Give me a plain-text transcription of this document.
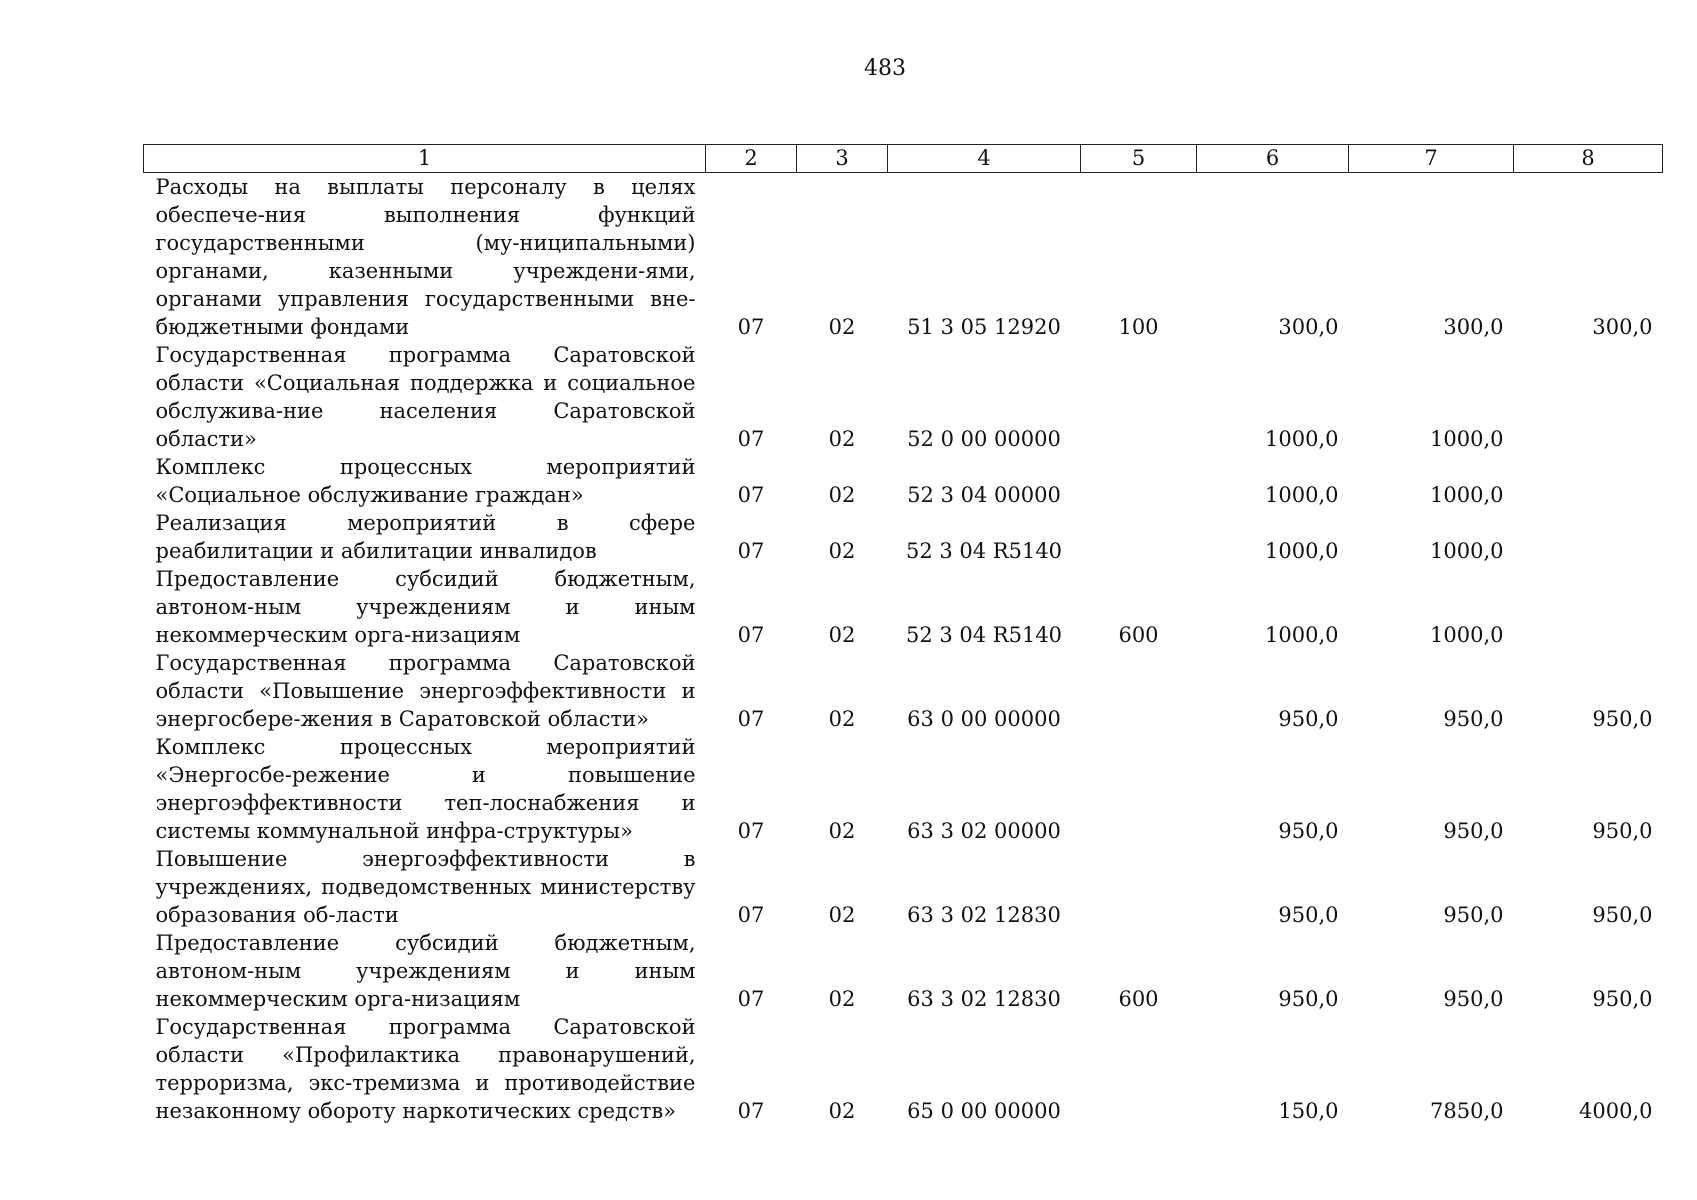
483
1	2	3	4	5	6	7	8
Расходы на выплаты персоналу в целях обеспече-ния выполнения функций государственными (му-ниципальными) органами, казенными учреждени-ями, органами управления государственными вне-бюджетными фондами	07	02	51 3 05 12920	100	300,0	300,0	300,0
Государственная программа Саратовской области «Социальная поддержка и социальное обслужива-ние населения Саратовской области»	07	02	52 0 00 00000		1000,0	1000,0	
Комплекс процессных мероприятий «Социальное обслуживание граждан»	07	02	52 3 04 00000		1000,0	1000,0	
Реализация мероприятий в сфере реабилитации и абилитации инвалидов	07	02	52 3 04 R5140		1000,0	1000,0	
Предоставление субсидий бюджетным, автоном-ным учреждениям и иным некоммерческим орга-низациям	07	02	52 3 04 R5140	600	1000,0	1000,0	
Государственная программа Саратовской области «Повышение энергоэффективности и энергосбере-жения в Саратовской области»	07	02	63 0 00 00000		950,0	950,0	950,0
Комплекс процессных мероприятий «Энергосбе-режение и повышение энергоэффективности теп-лоснабжения и системы коммунальной инфра-структуры»	07	02	63 3 02 00000		950,0	950,0	950,0
Повышение энергоэффективности в учреждениях, подведомственных министерству образования об-ласти	07	02	63 3 02 12830		950,0	950,0	950,0
Предоставление субсидий бюджетным, автоном-ным учреждениям и иным некоммерческим орга-низациям	07	02	63 3 02 12830	600	950,0	950,0	950,0
Государственная программа Саратовской области «Профилактика правонарушений, терроризма, экс-тремизма и противодействие незаконному обороту наркотических средств»	07	02	65 0 00 00000		150,0	7850,0	4000,0
